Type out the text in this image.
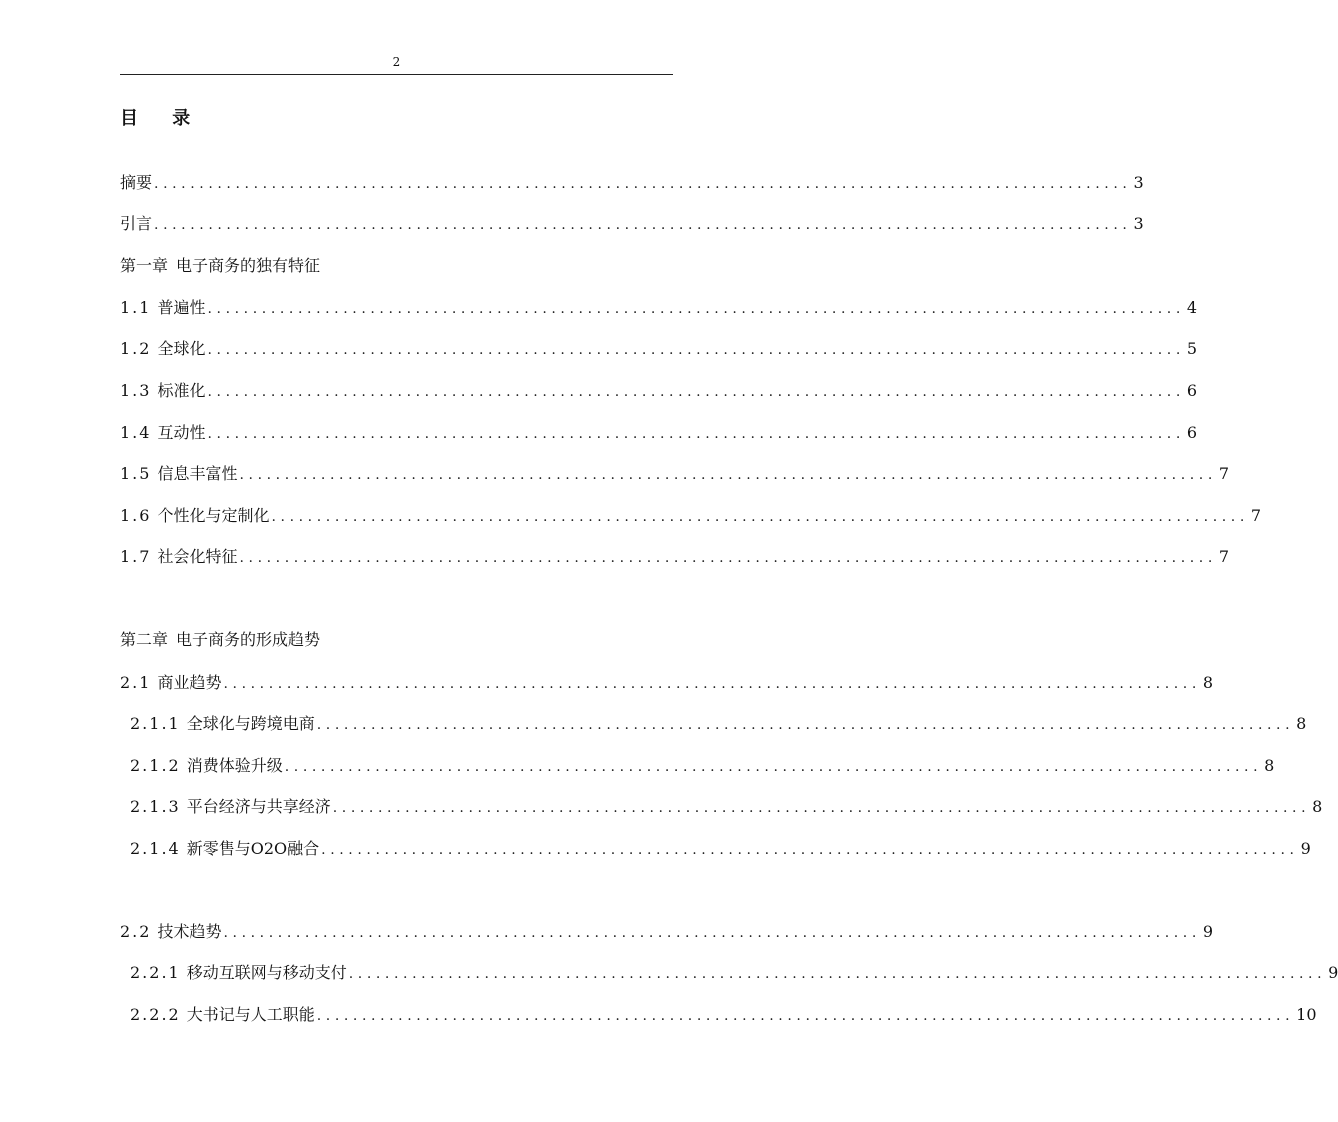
2
目 录
摘要 ............................................................................................................ 3
引言 ............................................................................................................ 3
第一章 电子商务的独有特征
1.1 普遍性 ............................................................................................................ 4
1.2 全球化 ............................................................................................................ 5
1.3 标准化 ............................................................................................................ 6
1.4 互动性 ............................................................................................................ 6
1.5 信息丰富性 ............................................................................................................ 7
1.6 个性化与定制化 ............................................................................................................ 7
1.7 社会化特征 ............................................................................................................ 7
第二章 电子商务的形成趋势
2.1 商业趋势 ............................................................................................................ 8
2.1.1 全球化与跨境电商 ............................................................................................................ 8
2.1.2 消费体验升级 ............................................................................................................ 8
2.1.3 平台经济与共享经济 ............................................................................................................ 8
2.1.4 新零售与O2O融合 ............................................................................................................ 9
2.2 技术趋势 ............................................................................................................ 9
2.2.1 移动互联网与移动支付 ............................................................................................................ 9
2.2.2 大书记与人工职能 ............................................................................................................ 10
